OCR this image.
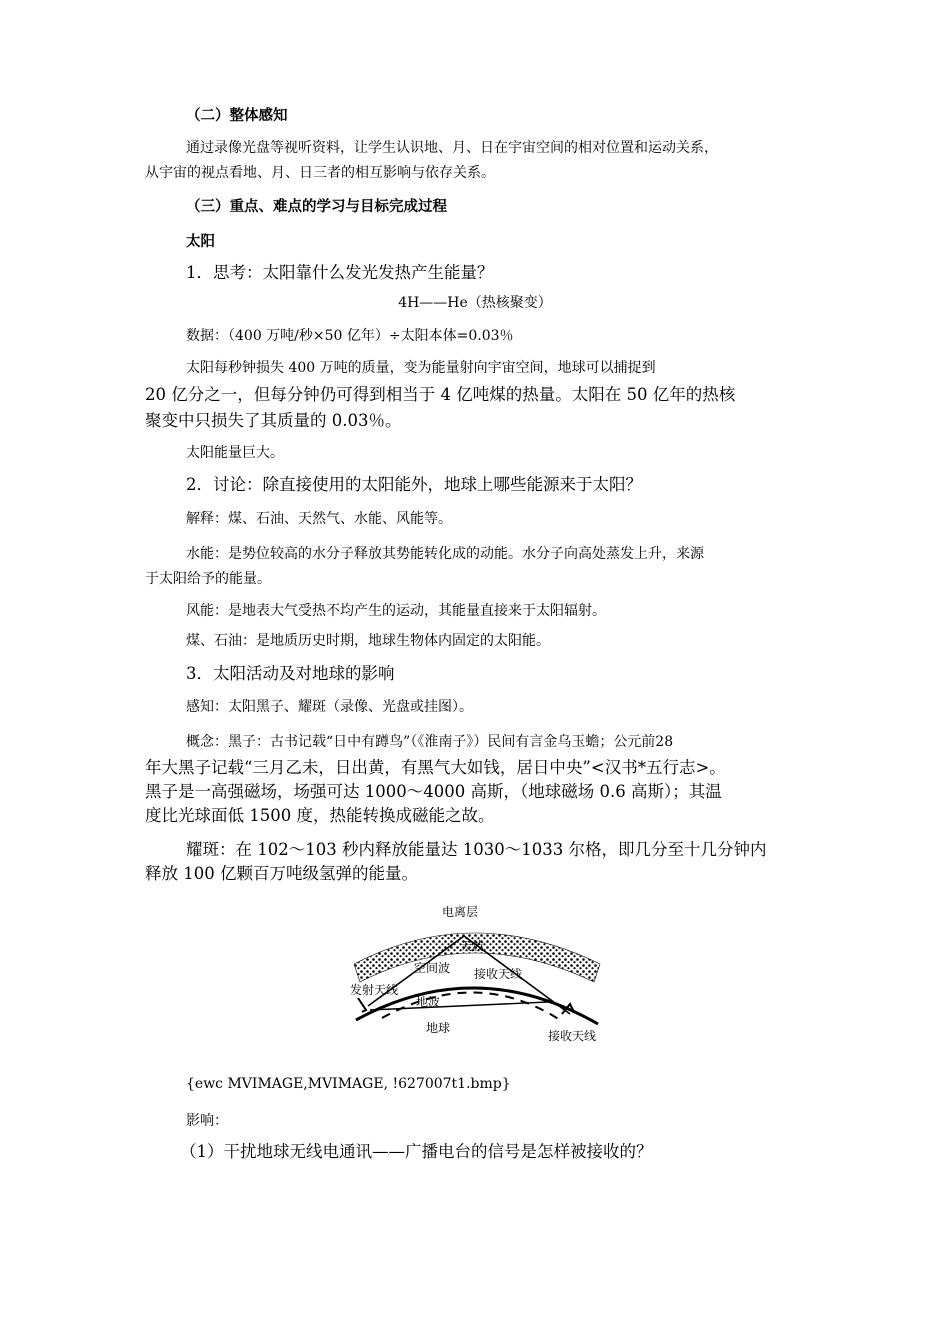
（二）整体感知
通过录像光盘等视听资料，让学生认识地、月、日在宇宙空间的相对位置和运动关系，
从宇宙的视点看地、月、日三者的相互影响与依存关系。
（三）重点、难点的学习与目标完成过程
太阳
1．思考：太阳靠什么发光发热产生能量？
4H——He（热核聚变）
数据：（400 万吨/秒×50 亿年）÷太阳本体=0.03％
太阳每秒钟损失 400 万吨的质量，变为能量射向宇宙空间，地球可以捕捉到
20 亿分之一，但每分钟仍可得到相当于 4 亿吨煤的热量。太阳在 50 亿年的热核
聚变中只损失了其质量的 0.03％。
太阳能量巨大。
2．讨论：除直接使用的太阳能外，地球上哪些能源来于太阳？
解释：煤、石油、天然气、水能、风能等。
水能：是势位较高的水分子释放其势能转化成的动能。水分子向高处蒸发上升，来源
于太阳给予的能量。
风能：是地表大气受热不均产生的运动，其能量直接来于太阳辐射。
煤、石油：是地质历史时期，地球生物体内固定的太阳能。
3．太阳活动及对地球的影响
感知：太阳黑子、耀斑（录像、光盘或挂图）。
概念：黑子：古书记载“日中有蹲鸟”（《淮南子》）民间有言金乌玉蟾；公元前28
年大黑子记载“三月乙未，日出黄，有黑气大如钱，居日中央”<汉书*五行志>。
黑子是一高强磁场，场强可达 1000～4000 高斯，（地球磁场 0.6 高斯）；其温
度比光球面低 1500 度，热能转换成磁能之故。
耀斑：在 102～103 秒内释放能量达 1030～1033 尔格，即几分至十几分钟内
释放 100 亿颗百万吨级氢弹的能量。
电离层
天波
空间波
地波
地球
发射天线
接收天线
接收天线
{ewc MVIMAGE,MVIMAGE, !627007t1.bmp}
影响：
（1）干扰地球无线电通讯——广播电台的信号是怎样被接收的？
